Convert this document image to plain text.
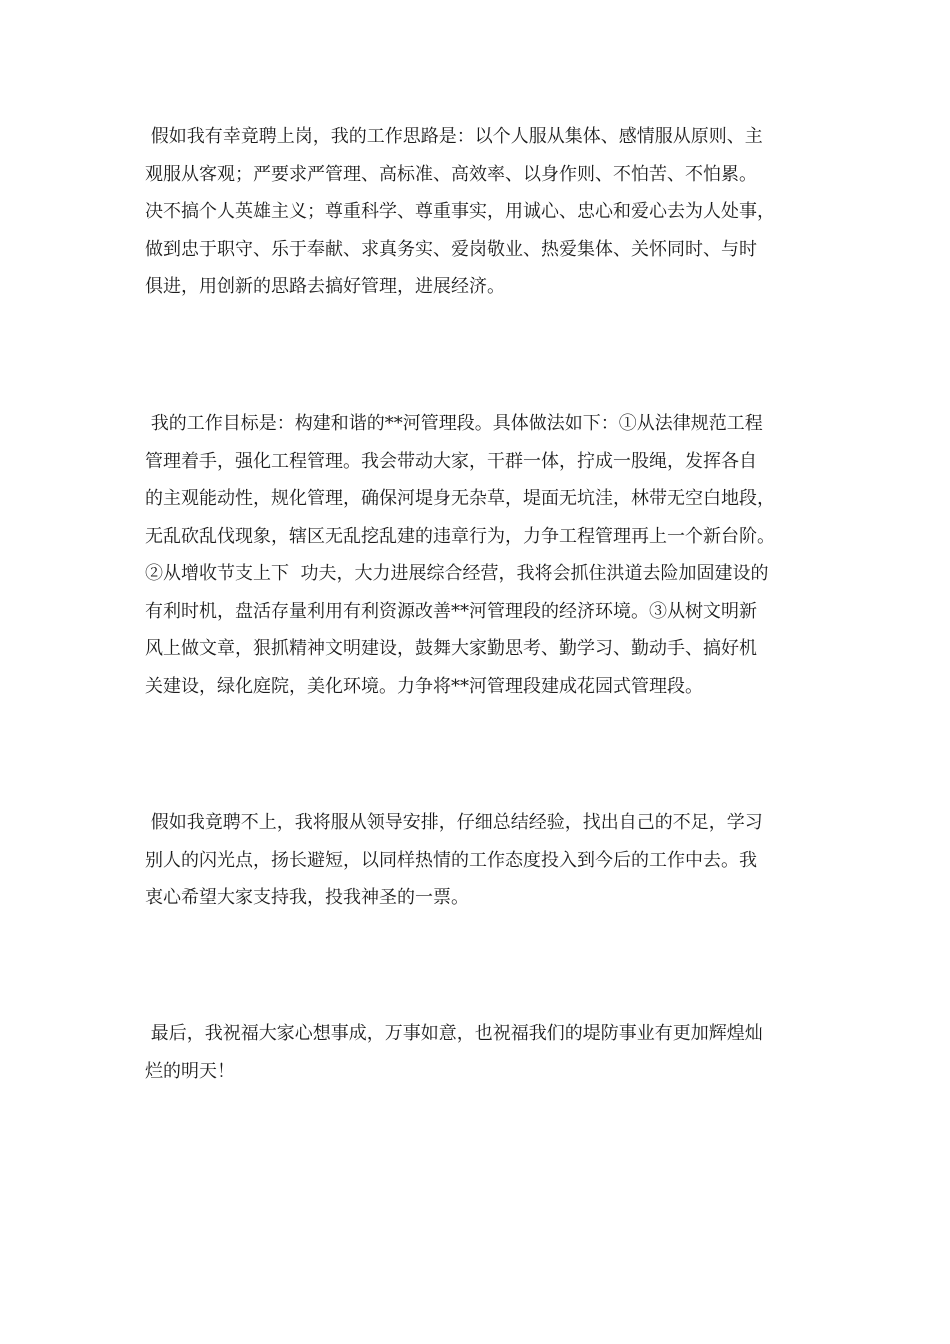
假如我有幸竟聘上岗，我的工作思路是：以个人服从集体、感情服从原则、主
观服从客观；严要求严管理、高标准、高效率、以身作则、不怕苦、不怕累。
决不搞个人英雄主义；尊重科学、尊重事实，用诚心、忠心和爱心去为人处事，
做到忠于职守、乐于奉献、求真务实、爱岗敬业、热爱集体、关怀同时、与时
俱进，用创新的思路去搞好管理，进展经济。

我的工作目标是：构建和谐的**河管理段。具体做法如下：①从法律规范工程
管理着手，强化工程管理。我会带动大家，干群一体，拧成一股绳，发挥各自
的主观能动性，规化管理，确保河堤身无杂草，堤面无坑洼，林带无空白地段，
无乱砍乱伐现象，辖区无乱挖乱建的违章行为，力争工程管理再上一个新台阶。
②从增收节支上下  功夫，大力进展综合经营，我将会抓住洪道去险加固建设的
有利时机，盘活存量利用有利资源改善**河管理段的经济环境。③从树文明新
风上做文章，狠抓精神文明建设，鼓舞大家勤思考、勤学习、勤动手、搞好机
关建设，绿化庭院，美化环境。力争将**河管理段建成花园式管理段。

假如我竟聘不上，我将服从领导安排，仔细总结经验，找出自己的不足，学习
别人的闪光点，扬长避短，以同样热情的工作态度投入到今后的工作中去。我
衷心希望大家支持我，投我神圣的一票。

最后，我祝福大家心想事成，万事如意，也祝福我们的堤防事业有更加辉煌灿
烂的明天！
